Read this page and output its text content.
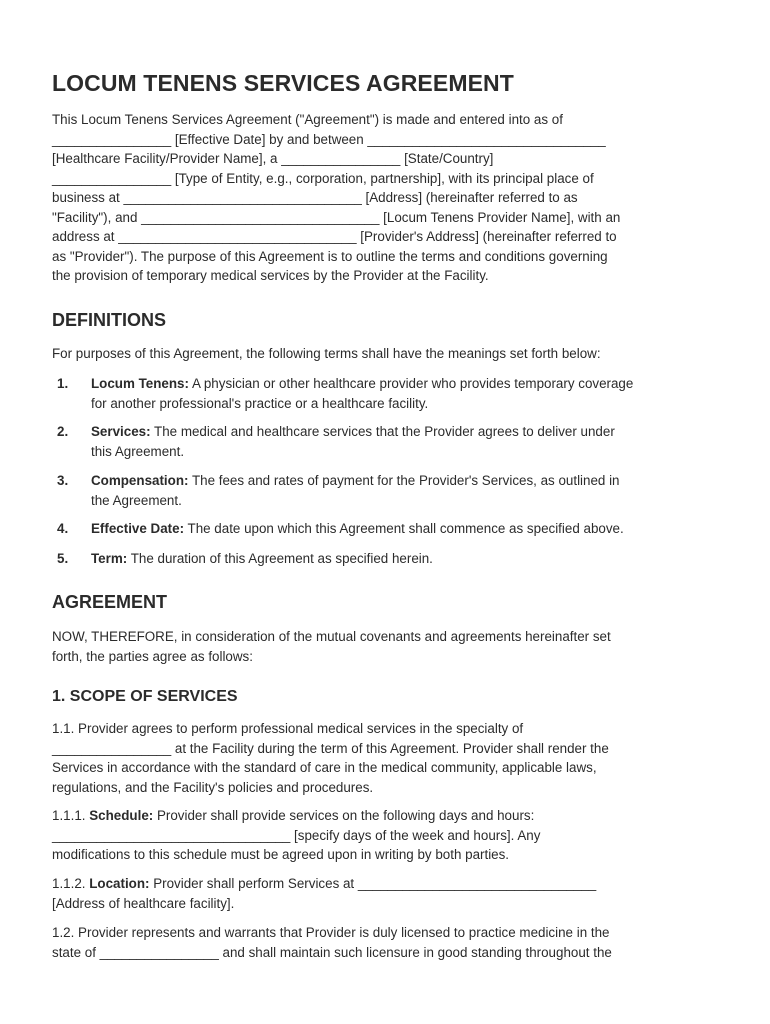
LOCUM TENENS SERVICES AGREEMENT
This Locum Tenens Services Agreement ("Agreement") is made and entered into as of
________________ [Effective Date] by and between ________________________________
[Healthcare Facility/Provider Name], a ________________ [State/Country]
________________ [Type of Entity, e.g., corporation, partnership], with its principal place of
business at ________________________________ [Address] (hereinafter referred to as
"Facility"), and ________________________________ [Locum Tenens Provider Name], with an
address at ________________________________ [Provider's Address] (hereinafter referred to
as "Provider"). The purpose of this Agreement is to outline the terms and conditions governing
the provision of temporary medical services by the Provider at the Facility.
DEFINITIONS
For purposes of this Agreement, the following terms shall have the meanings set forth below:
1. Locum Tenens: A physician or other healthcare provider who provides temporary coverage
for another professional's practice or a healthcare facility.
2. Services: The medical and healthcare services that the Provider agrees to deliver under
this Agreement.
3. Compensation: The fees and rates of payment for the Provider's Services, as outlined in
the Agreement.
4. Effective Date: The date upon which this Agreement shall commence as specified above.
5. Term: The duration of this Agreement as specified herein.
AGREEMENT
NOW, THEREFORE, in consideration of the mutual covenants and agreements hereinafter set
forth, the parties agree as follows:
1. SCOPE OF SERVICES
1.1. Provider agrees to perform professional medical services in the specialty of
________________ at the Facility during the term of this Agreement. Provider shall render the
Services in accordance with the standard of care in the medical community, applicable laws,
regulations, and the Facility's policies and procedures.
1.1.1. Schedule: Provider shall provide services on the following days and hours:
________________________________ [specify days of the week and hours]. Any
modifications to this schedule must be agreed upon in writing by both parties.
1.1.2. Location: Provider shall perform Services at ________________________________
[Address of healthcare facility].
1.2. Provider represents and warrants that Provider is duly licensed to practice medicine in the
state of ________________ and shall maintain such licensure in good standing throughout the
